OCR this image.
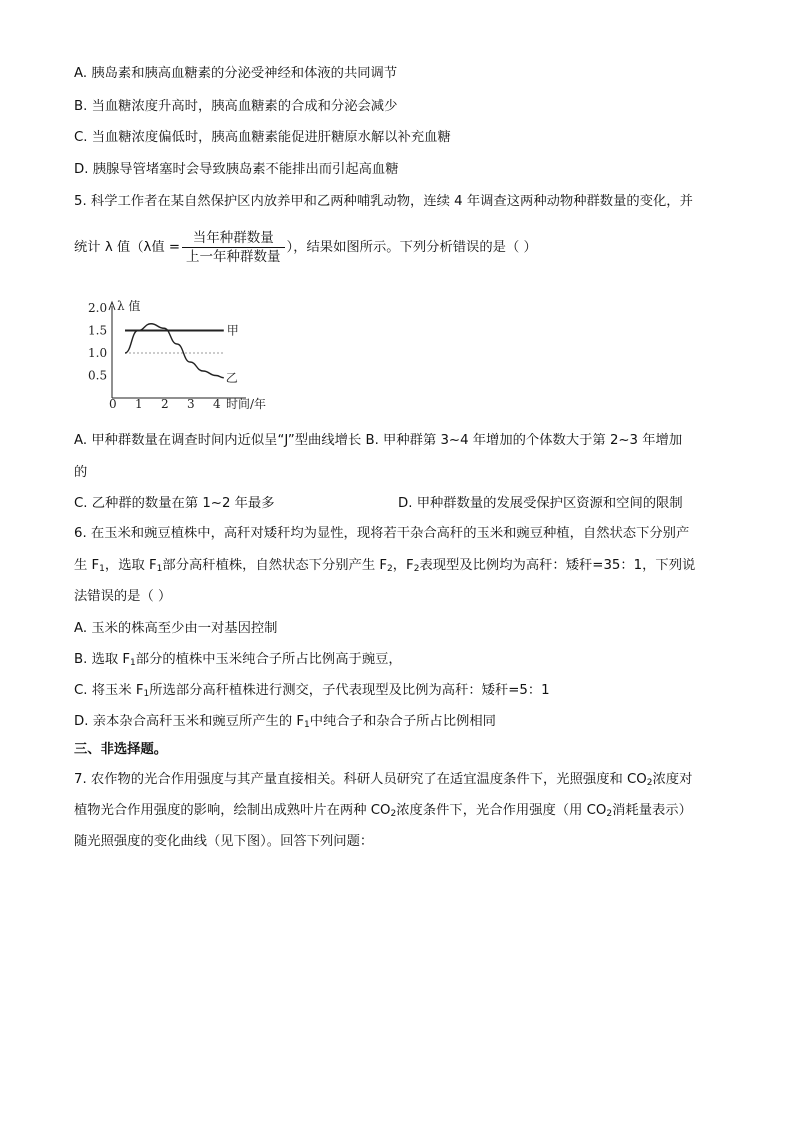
A. 胰岛素和胰高血糖素的分泌受神经和体液的共同调节
B. 当血糖浓度升高时，胰高血糖素的合成和分泌会减少
C. 当血糖浓度偏低时，胰高血糖素能促进肝糖原水解以补充血糖
D. 胰腺导管堵塞时会导致胰岛素不能排出而引起高血糖
5. 科学工作者在某自然保护区内放养甲和乙两种哺乳动物，连续 4 年调查这两种动物种群数量的变化，并
统计 λ 值（λ值 = $\frac{\text{当年种群数量}}{\text{上一年种群数量}}$ ），结果如图所示。下列分析错误的是（ ）
0.5
1.0
1.5
2.0
0 1 2 3 4
λ 值
时间/年
甲
乙
A. 甲种群数量在调查时间内近似呈“J”型曲线增长 B. 甲种群第 3~4 年增加的个体数大于第 2~3 年增加
的
C. 乙种群的数量在第 1~2 年最多	D. 甲种群数量的发展受保护区资源和空间的限制
6. 在玉米和豌豆植株中，高秆对矮秆均为显性，现将若干杂合高秆的玉米和豌豆种植，自然状态下分别产
生 $F_1$，选取 $F_1$部分高秆植株，自然状态下分别产生 $F_2$，$F_2$表现型及比例均为高秆：矮秆=35：1，下列说
法错误的是（ ）
A. 玉米的株高至少由一对基因控制
B. 选取 $F_1$部分的植株中玉米纯合子所占比例高于豌豆，
C. 将玉米 $F_1$所选部分高秆植株进行测交，子代表现型及比例为高秆：矮秆=5：1
D. 亲本杂合高秆玉米和豌豆所产生的 $F_1$中纯合子和杂合子所占比例相同
三、非选择题。
7. 农作物的光合作用强度与其产量直接相关。科研人员研究了在适宜温度条件下，光照强度和 $CO_2$浓度对
植物光合作用强度的影响，绘制出成熟叶片在两种 $CO_2$浓度条件下，光合作用强度（用 $CO_2$消耗量表示）
随光照强度的变化曲线（见下图）。回答下列问题：
